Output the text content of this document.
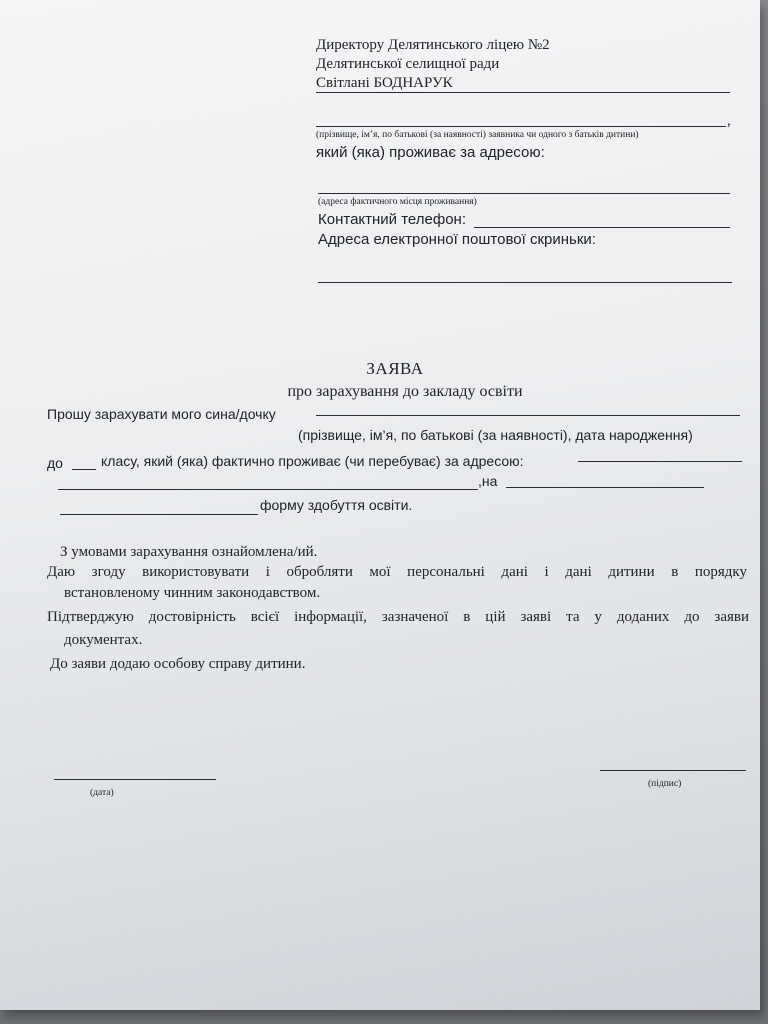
Директору Делятинського ліцею №2
Делятинської селищної ради
Світлані БОДНАРУК
,
(прізвище, ім’я, по батькові (за наявності) заявника чи одного з батьків дитини)
який (яка) проживає за адресою:
(адреса фактичного місця проживання)
Контактний телефон:
Адреса електронної поштової скриньки:
ЗАЯВА
про зарахування до закладу освіти
Прошу зарахувати мого сина/дочку
(прізвище, ім’я, по батькові (за наявності), дата народження)
до	класу, який (яка) фактично проживає (чи перебуває) за адресою:
,на
форму здобуття освіти.
З умовами зарахування ознайомлена/ий.
Даю згоду використовувати і обробляти мої персональні дані і дані дитини в порядку
встановленому чинним законодавством.
Підтверджую достовірність всієї інформації, зазначеної в цій заяві та у доданих до заяви
документах.
До заяви додаю особову справу дитини.
(дата)
(підпис)
